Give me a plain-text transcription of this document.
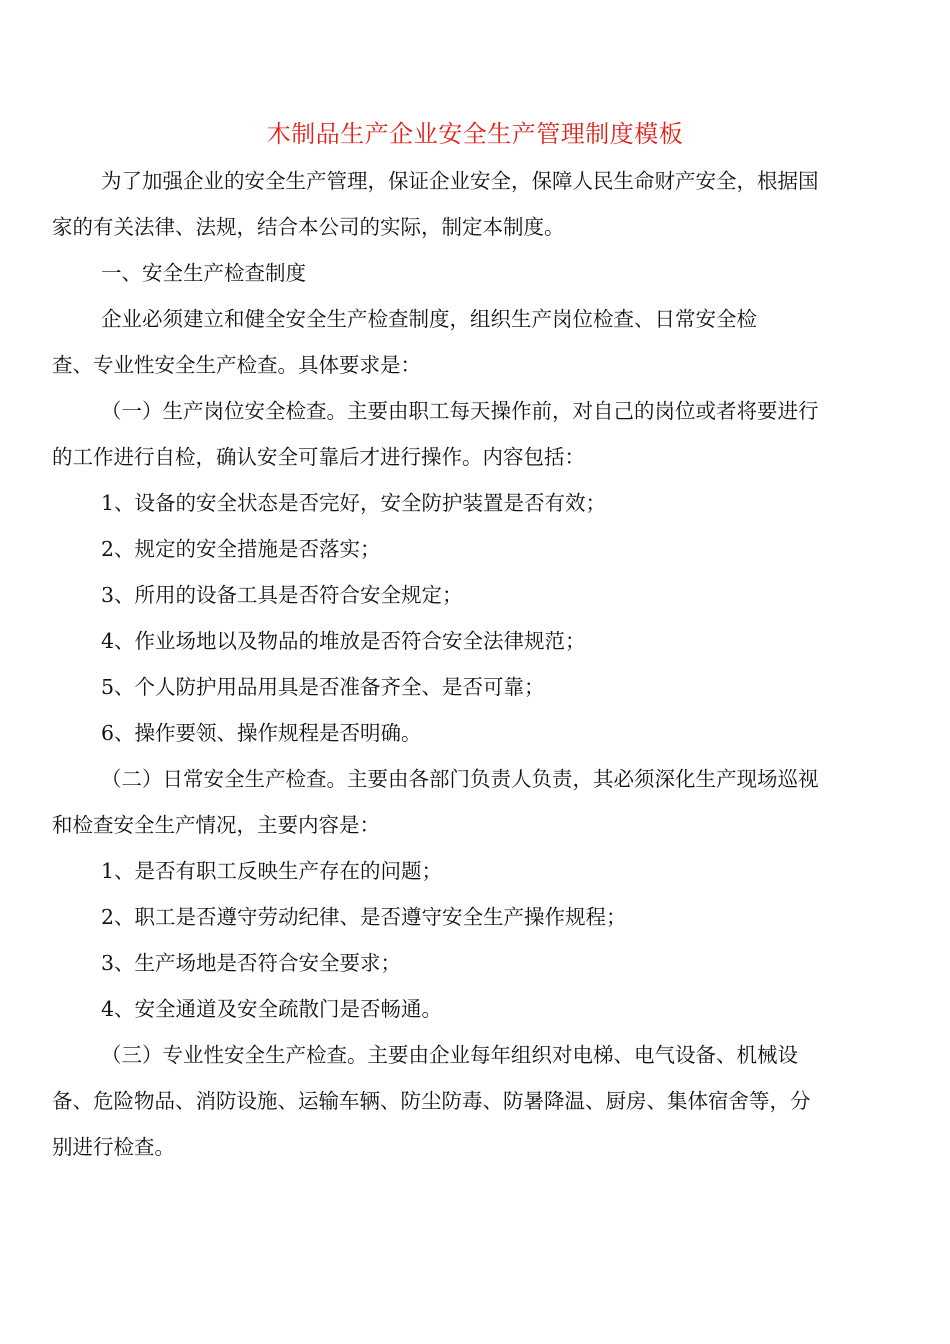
木制品生产企业安全生产管理制度模板
为了加强企业的安全生产管理，保证企业安全，保障人民生命财产安全，根据国
家的有关法律、法规，结合本公司的实际，制定本制度。
一、安全生产检查制度
企业必须建立和健全安全生产检查制度，组织生产岗位检查、日常安全检
查、专业性安全生产检查。具体要求是：
（一）生产岗位安全检查。主要由职工每天操作前，对自己的岗位或者将要进行
的工作进行自检，确认安全可靠后才进行操作。内容包括：
1、设备的安全状态是否完好，安全防护装置是否有效；
2、规定的安全措施是否落实；
3、所用的设备工具是否符合安全规定；
4、作业场地以及物品的堆放是否符合安全法律规范；
5、个人防护用品用具是否准备齐全、是否可靠；
6、操作要领、操作规程是否明确。
（二）日常安全生产检查。主要由各部门负责人负责，其必须深化生产现场巡视
和检查安全生产情况，主要内容是：
1、是否有职工反映生产存在的问题；
2、职工是否遵守劳动纪律、是否遵守安全生产操作规程；
3、生产场地是否符合安全要求；
4、安全通道及安全疏散门是否畅通。
（三）专业性安全生产检查。主要由企业每年组织对电梯、电气设备、机械设
备、危险物品、消防设施、运输车辆、防尘防毒、防暑降温、厨房、集体宿舍等，分
别进行检查。
